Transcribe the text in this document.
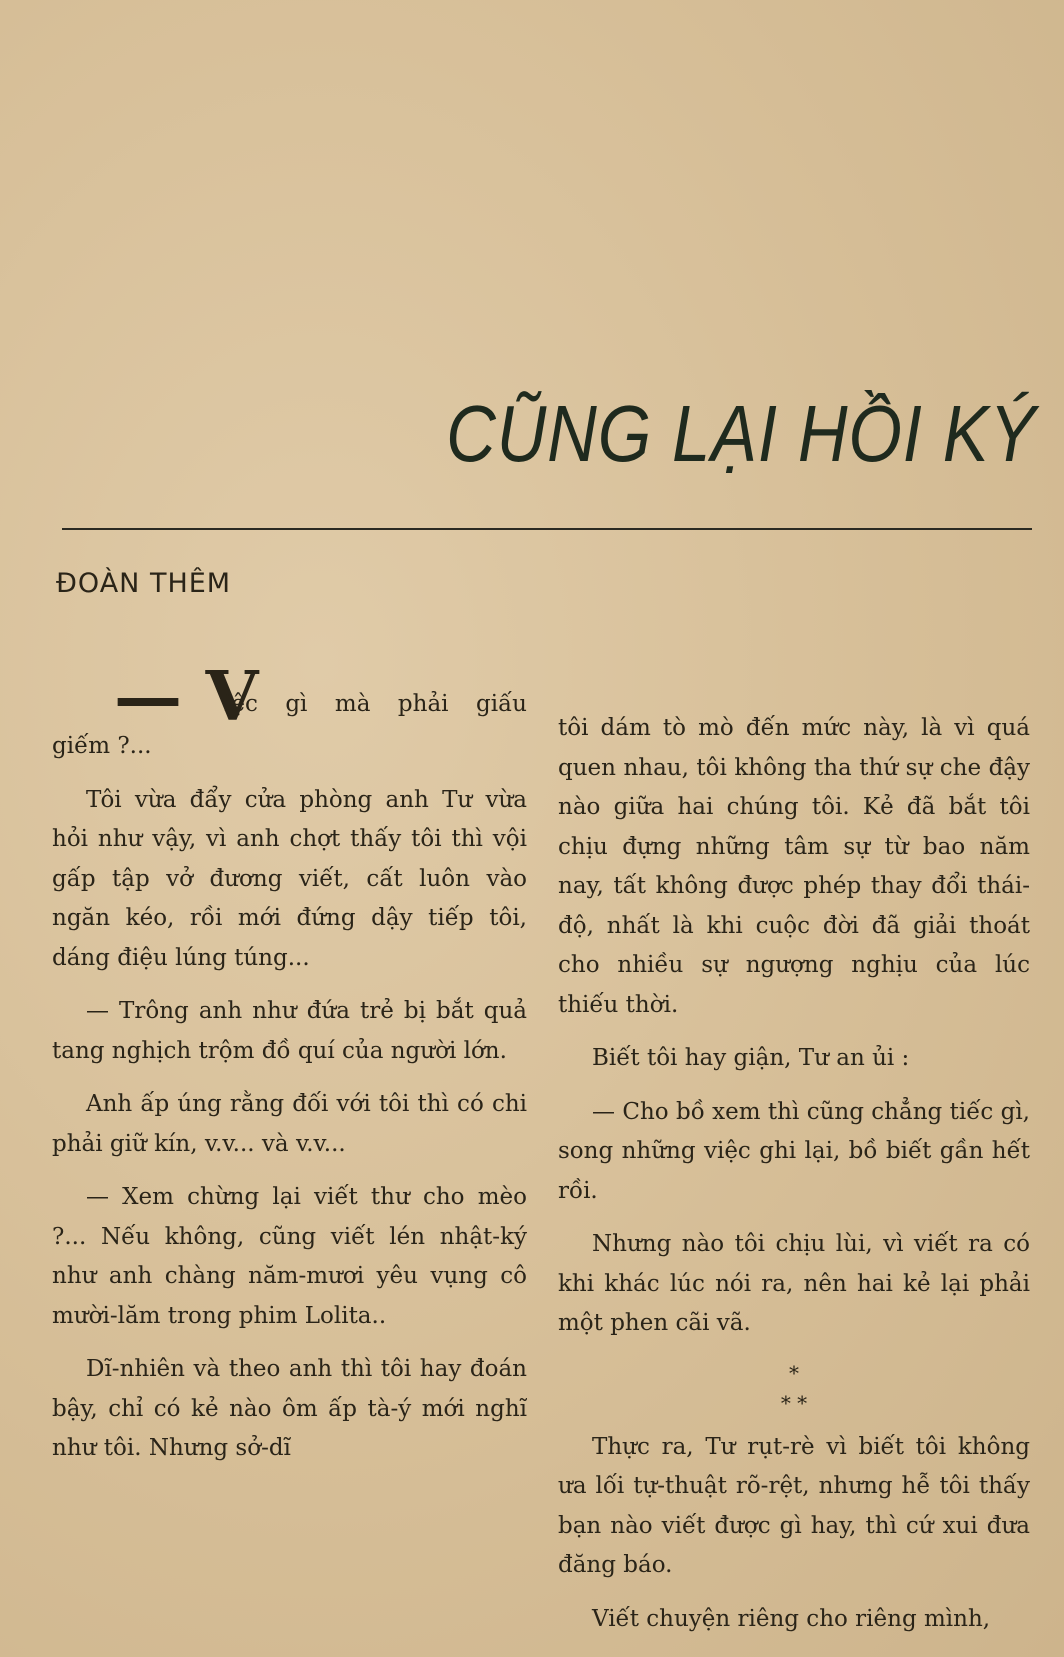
CŨNG LẠI HỒI KÝ
ĐOÀN THÊM
— V
iệc gì mà phải giấu

giếm ?...

Tôi vừa đẩy cửa phòng anh Tư vừa hỏi như vậy, vì anh chợt thấy tôi thì vội gấp tập vở đương viết, cất luôn vào ngăn kéo, rồi mới đứng dậy tiếp tôi, dáng điệu lúng túng...

— Trông anh như đứa trẻ bị bắt quả tang nghịch trộm đồ quí của người lớn.

Anh ấp úng rằng đối với tôi thì có chi phải giữ kín, v.v... và v.v...

— Xem chừng lại viết thư cho mèo ?... Nếu không, cũng viết lén nhật-ký như anh chàng năm-mươi yêu vụng cô mười-lăm trong phim Lolita..

Dĩ-nhiên và theo anh thì tôi hay đoán bậy, chỉ có kẻ nào ôm ấp tà-ý mới nghĩ như tôi. Nhưng sở-dĩ

tôi dám tò mò đến mức này, là vì quá quen nhau, tôi không tha thứ sự che đậy nào giữa hai chúng tôi. Kẻ đã bắt tôi chịu đựng những tâm sự từ bao năm nay, tất không được phép thay đổi thái-độ, nhất là khi cuộc đời đã giải thoát cho nhiều sự ngượng nghịu của lúc thiếu thời.

Biết tôi hay giận, Tư an ủi :

— Cho bồ xem thì cũng chẳng tiếc gì, song những việc ghi lại, bồ biết gần hết rồi.

Nhưng nào tôi chịu lùi, vì viết ra có khi khác lúc nói ra, nên hai kẻ lại phải một phen cãi vã.

*
* *

Thực ra, Tư rụt-rè vì biết tôi không ưa lối tự-thuật rõ-rệt, nhưng hễ tôi thấy bạn nào viết được gì hay, thì cứ xui đưa đăng báo.

Viết chuyện riêng cho riêng mình,
